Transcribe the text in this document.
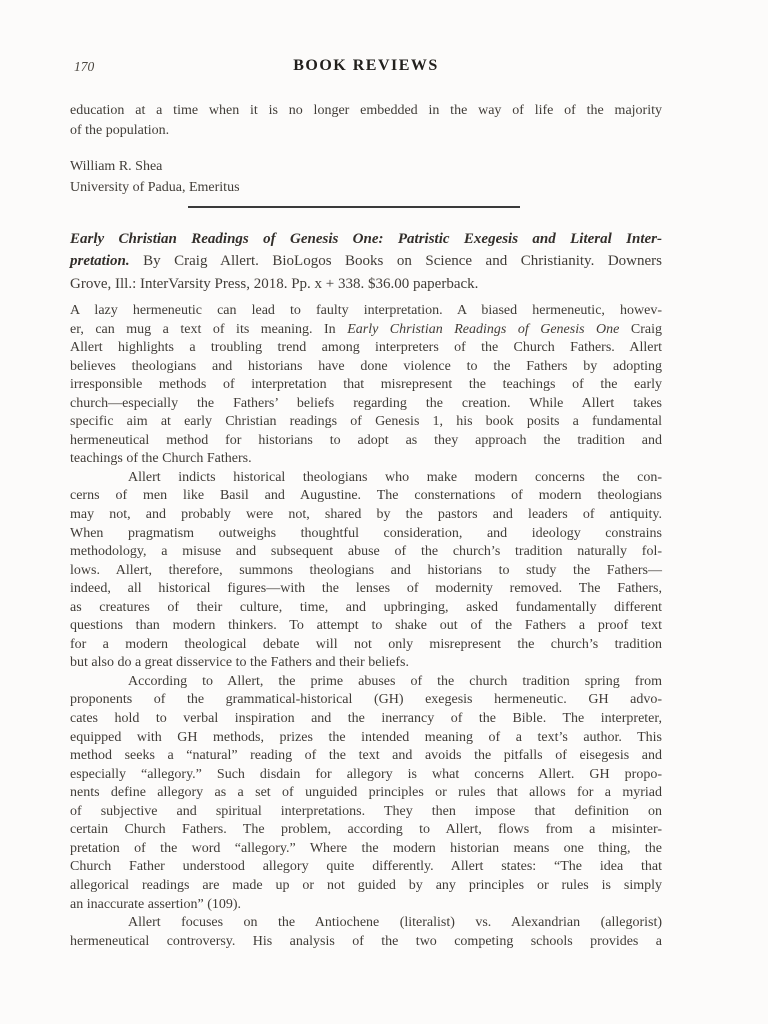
170	BOOK REVIEWS
education at a time when it is no longer embedded in the way of life of the majority
of the population.
William R. Shea
University of Padua, Emeritus
Early Christian Readings of Genesis One: Patristic Exegesis and Literal Inter-
pretation. By Craig Allert. BioLogos Books on Science and Christianity. Downers
Grove, Ill.: InterVarsity Press, 2018. Pp. x + 338. $36.00 paperback.
A lazy hermeneutic can lead to faulty interpretation. A biased hermeneutic, howev-
er, can mug a text of its meaning. In Early Christian Readings of Genesis One Craig
Allert highlights a troubling trend among interpreters of the Church Fathers. Allert
believes theologians and historians have done violence to the Fathers by adopting
irresponsible methods of interpretation that misrepresent the teachings of the early
church—especially the Fathers’ beliefs regarding the creation. While Allert takes
specific aim at early Christian readings of Genesis 1, his book posits a fundamental
hermeneutical method for historians to adopt as they approach the tradition and
teachings of the Church Fathers.
Allert indicts historical theologians who make modern concerns the con-
cerns of men like Basil and Augustine. The consternations of modern theologians
may not, and probably were not, shared by the pastors and leaders of antiquity.
When pragmatism outweighs thoughtful consideration, and ideology constrains
methodology, a misuse and subsequent abuse of the church’s tradition naturally fol-
lows. Allert, therefore, summons theologians and historians to study the Fathers—
indeed, all historical figures—with the lenses of modernity removed. The Fathers,
as creatures of their culture, time, and upbringing, asked fundamentally different
questions than modern thinkers. To attempt to shake out of the Fathers a proof text
for a modern theological debate will not only misrepresent the church’s tradition
but also do a great disservice to the Fathers and their beliefs.
According to Allert, the prime abuses of the church tradition spring from
proponents of the grammatical-historical (GH) exegesis hermeneutic. GH advo-
cates hold to verbal inspiration and the inerrancy of the Bible. The interpreter,
equipped with GH methods, prizes the intended meaning of a text’s author. This
method seeks a “natural” reading of the text and avoids the pitfalls of eisegesis and
especially “allegory.” Such disdain for allegory is what concerns Allert. GH propo-
nents define allegory as a set of unguided principles or rules that allows for a myriad
of subjective and spiritual interpretations. They then impose that definition on
certain Church Fathers. The problem, according to Allert, flows from a misinter-
pretation of the word “allegory.” Where the modern historian means one thing, the
Church Father understood allegory quite differently. Allert states: “The idea that
allegorical readings are made up or not guided by any principles or rules is simply
an inaccurate assertion” (109).
Allert focuses on the Antiochene (literalist) vs. Alexandrian (allegorist)
hermeneutical controversy. His analysis of the two competing schools provides a
